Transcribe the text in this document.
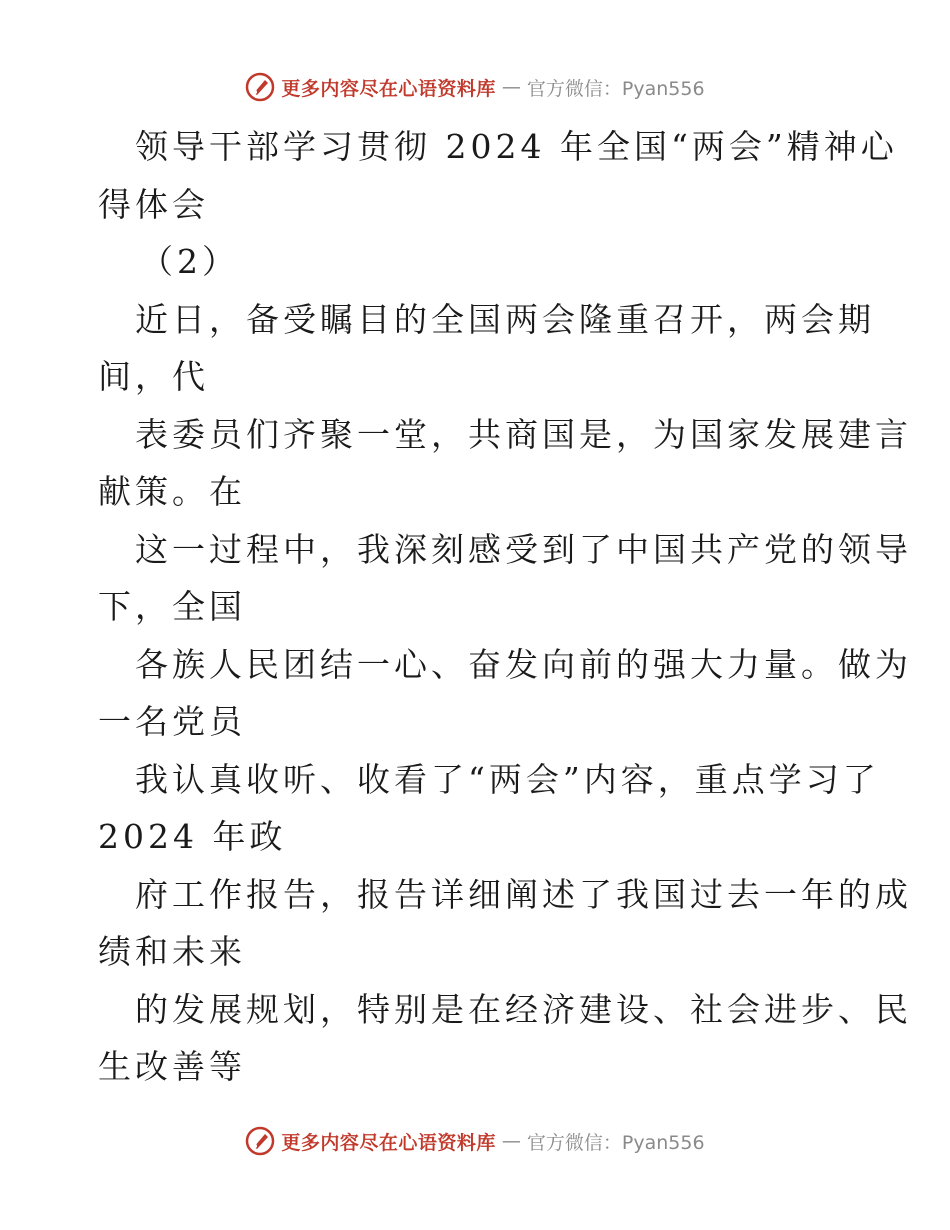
更多内容尽在心语资料库 — 官方微信：Pyan556
领导干部学习贯彻 2024 年全国“两会”精神心
得体会
（2）
近日，备受瞩目的全国两会隆重召开，两会期
间，代
表委员们齐聚一堂，共商国是，为国家发展建言
献策。在
这一过程中，我深刻感受到了中国共产党的领导
下，全国
各族人民团结一心、奋发向前的强大力量。做为
一名党员
我认真收听、收看了“两会”内容，重点学习了
2024 年政
府工作报告，报告详细阐述了我国过去一年的成
绩和未来
的发展规划，特别是在经济建设、社会进步、民
生改善等
更多内容尽在心语资料库 — 官方微信：Pyan556
